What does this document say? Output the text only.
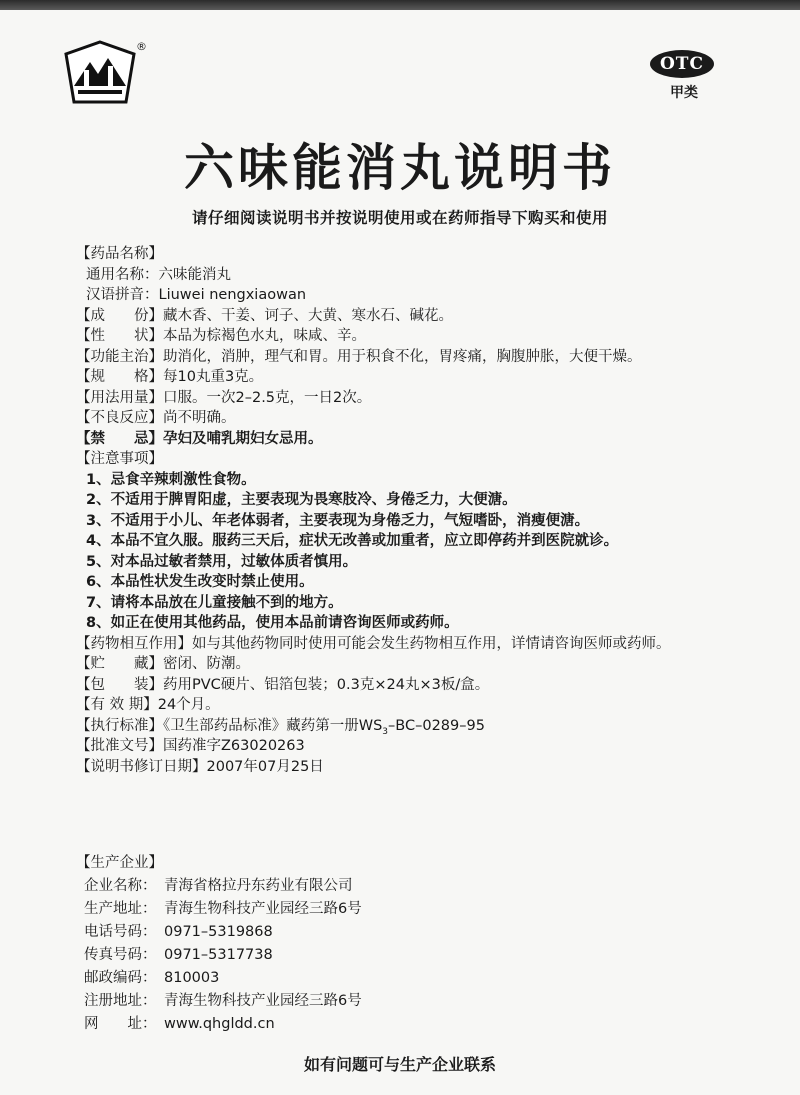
®
OTC
甲类
六味能消丸说明书
请仔细阅读说明书并按说明使用或在药师指导下购买和使用
【药品名称】
通用名称：六味能消丸
汉语拼音：Liuwei nengxiaowan
【成　　份】藏木香、干姜、诃子、大黄、寒水石、碱花。
【性　　状】本品为棕褐色水丸，味咸、辛。
【功能主治】助消化，消肿，理气和胃。用于积食不化，胃疼痛，胸腹肿胀，大便干燥。
【规　　格】每10丸重3克。
【用法用量】口服。一次2–2.5克，一日2次。
【不良反应】尚不明确。
【禁　　忌】孕妇及哺乳期妇女忌用。
【注意事项】
1、忌食辛辣刺激性食物。
2、不适用于脾胃阳虚，主要表现为畏寒肢冷、身倦乏力，大便溏。
3、不适用于小儿、年老体弱者，主要表现为身倦乏力，气短嗜卧，消瘦便溏。
4、本品不宜久服。服药三天后，症状无改善或加重者，应立即停药并到医院就诊。
5、对本品过敏者禁用，过敏体质者慎用。
6、本品性状发生改变时禁止使用。
7、请将本品放在儿童接触不到的地方。
8、如正在使用其他药品，使用本品前请咨询医师或药师。
【药物相互作用】如与其他药物同时使用可能会发生药物相互作用，详情请咨询医师或药师。
【贮　　藏】密闭、防潮。
【包　　装】药用PVC硬片、铝箔包装；0.3克×24丸×3板/盒。
【有 效 期】24个月。
【执行标准】《卫生部药品标准》藏药第一册$WS_3-BC-0289-95$
【批准文号】国药准字Z63020263
【说明书修订日期】2007年07月25日
【生产企业】
企业名称： 青海省格拉丹东药业有限公司
生产地址： 青海生物科技产业园经三路6号
电话号码： 0971–5319868
传真号码： 0971–5317738
邮政编码： 810003
注册地址： 青海生物科技产业园经三路6号
网　　址： www.qhgldd.cn
如有问题可与生产企业联系
